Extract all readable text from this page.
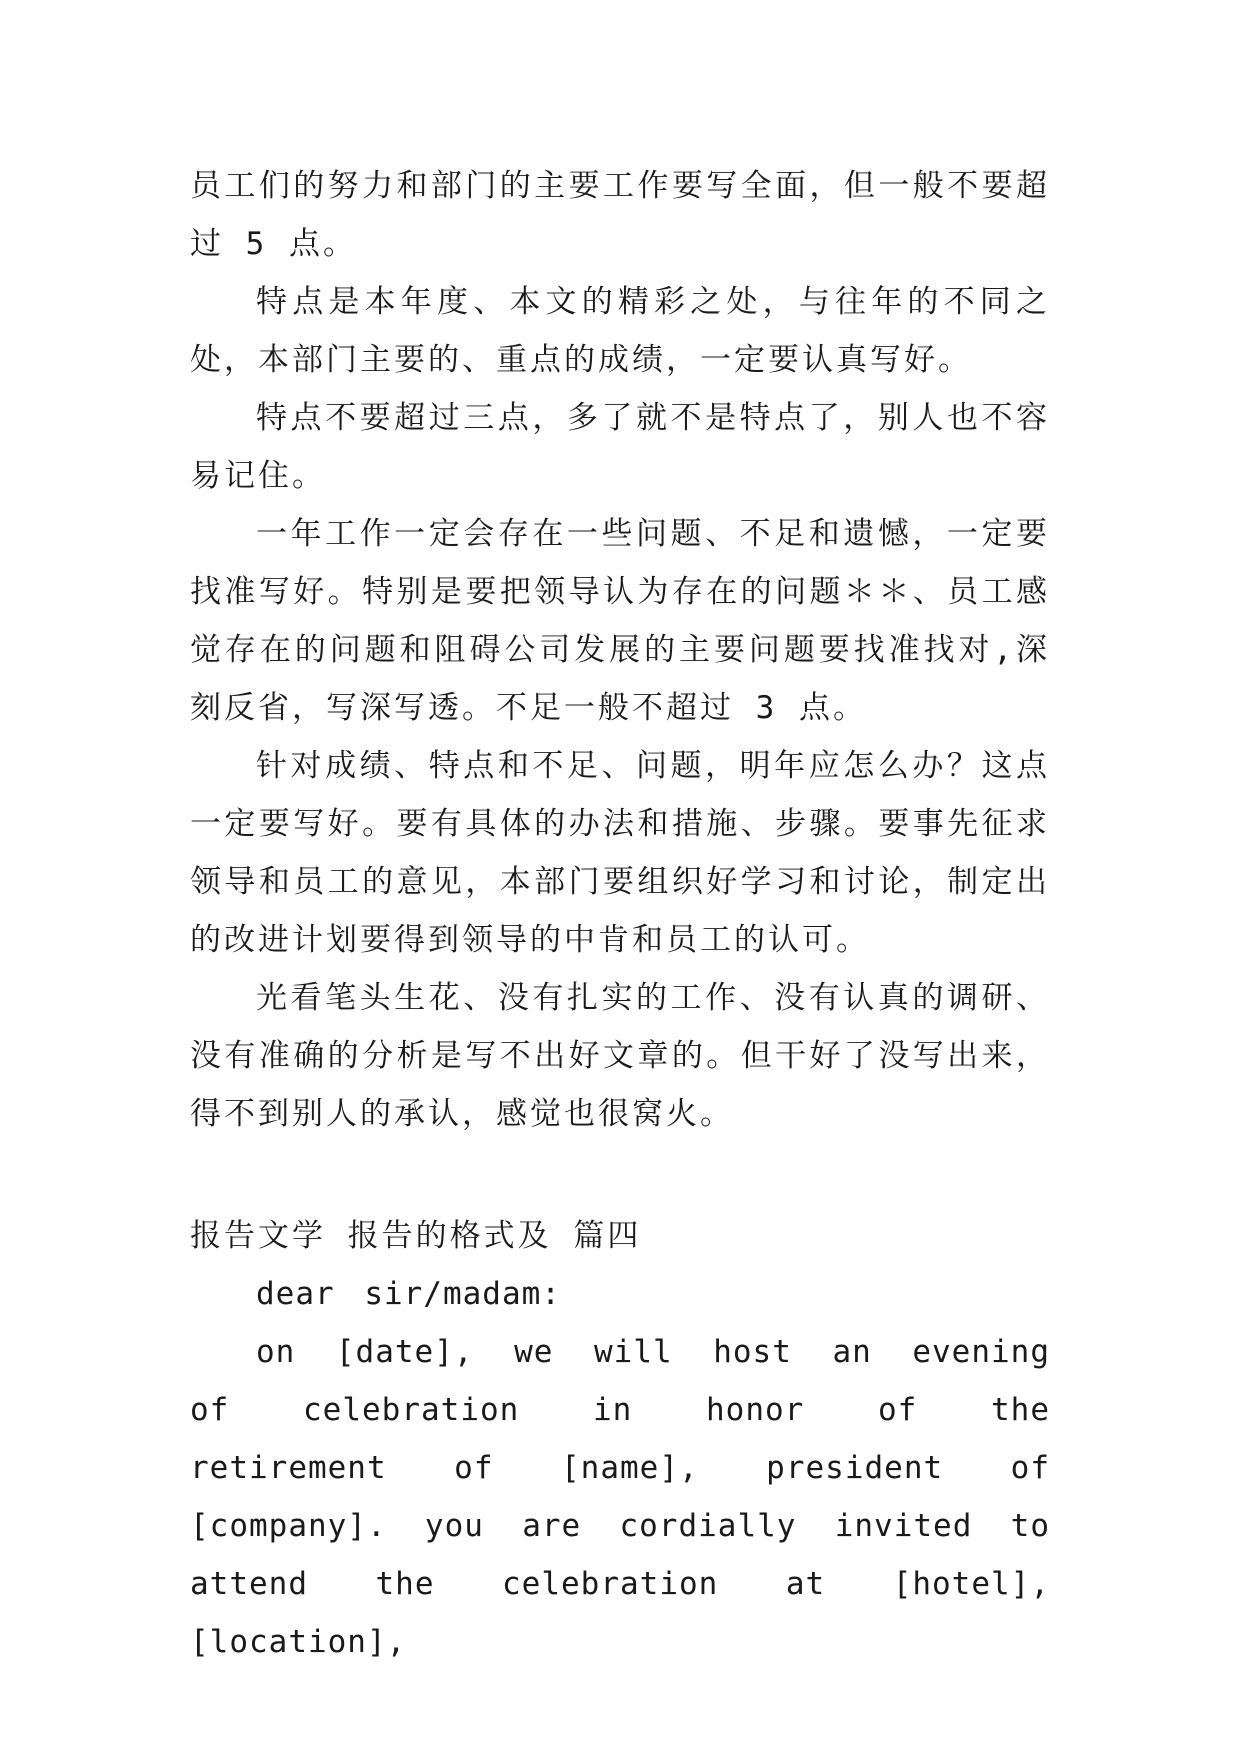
员工们的努力和部门的主要工作要写全面，但一般不要超过 5 点。

特点是本年度、本文的精彩之处，与往年的不同之处，本部门主要的、重点的成绩，一定要认真写好。

特点不要超过三点，多了就不是特点了，别人也不容易记住。

一年工作一定会存在一些问题、不足和遗憾，一定要找准写好。特别是要把领导认为存在的问题＊＊、员工感觉存在的问题和阻碍公司发展的主要问题要找准找对,深刻反省，写深写透。不足一般不超过 3 点。

针对成绩、特点和不足、问题，明年应怎么办？这点一定要写好。要有具体的办法和措施、步骤。要事先征求领导和员工的意见，本部门要组织好学习和讨论，制定出的改进计划要得到领导的中肯和员工的认可。

光看笔头生花、没有扎实的工作、没有认真的调研、没有准确的分析是写不出好文章的。但干好了没写出来，得不到别人的承认，感觉也很窝火。

报告文学 报告的格式及 篇四

dear sir/madam:

on [date], we will host an evening of celebration in honor of the retirement of [name], president of [company]. you are cordially invited to attend the celebration at [hotel], [location],
